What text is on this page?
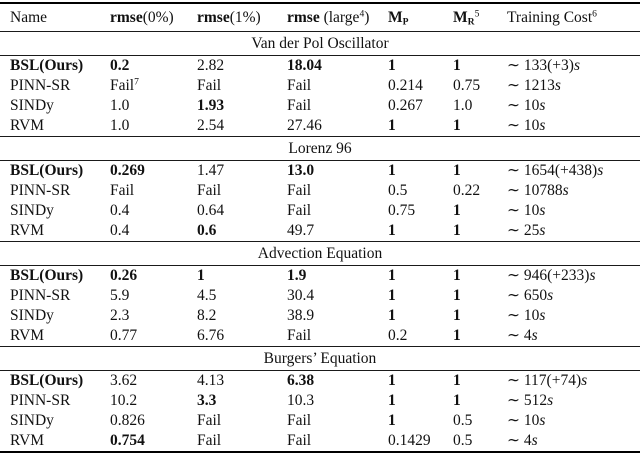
Name	rmse(0%)	rmse(1%)	rmse (large$^4$)	$M_P$	$M_R^5$	Training Cost$^6$
Van der Pol Oscillator
BSL(Ours)	0.2	2.82	18.04	1	1	∼ 133(+3)s
PINN-SR	Fail$^7$	Fail	Fail	0.214	0.75	∼ 1213s
SINDy	1.0	1.93	Fail	0.267	1.0	∼ 10s
RVM	1.0	2.54	27.46	1	1	∼ 10s
Lorenz 96
BSL(Ours)	0.269	1.47	13.0	1	1	∼ 1654(+438)s
PINN-SR	Fail	Fail	Fail	0.5	0.22	∼ 10788s
SINDy	0.4	0.64	Fail	0.75	1	∼ 10s
RVM	0.4	0.6	49.7	1	1	∼ 25s
Advection Equation
BSL(Ours)	0.26	1	1.9	1	1	∼ 946(+233)s
PINN-SR	5.9	4.5	30.4	1	1	∼ 650s
SINDy	2.3	8.2	38.9	1	1	∼ 10s
RVM	0.77	6.76	Fail	0.2	1	∼ 4s
Burgers’ Equation
BSL(Ours)	3.62	4.13	6.38	1	1	∼ 117(+74)s
PINN-SR	10.2	3.3	10.3	1	1	∼ 512s
SINDy	0.826	Fail	Fail	1	0.5	∼ 10s
RVM	0.754	Fail	Fail	0.1429	0.5	∼ 4s
